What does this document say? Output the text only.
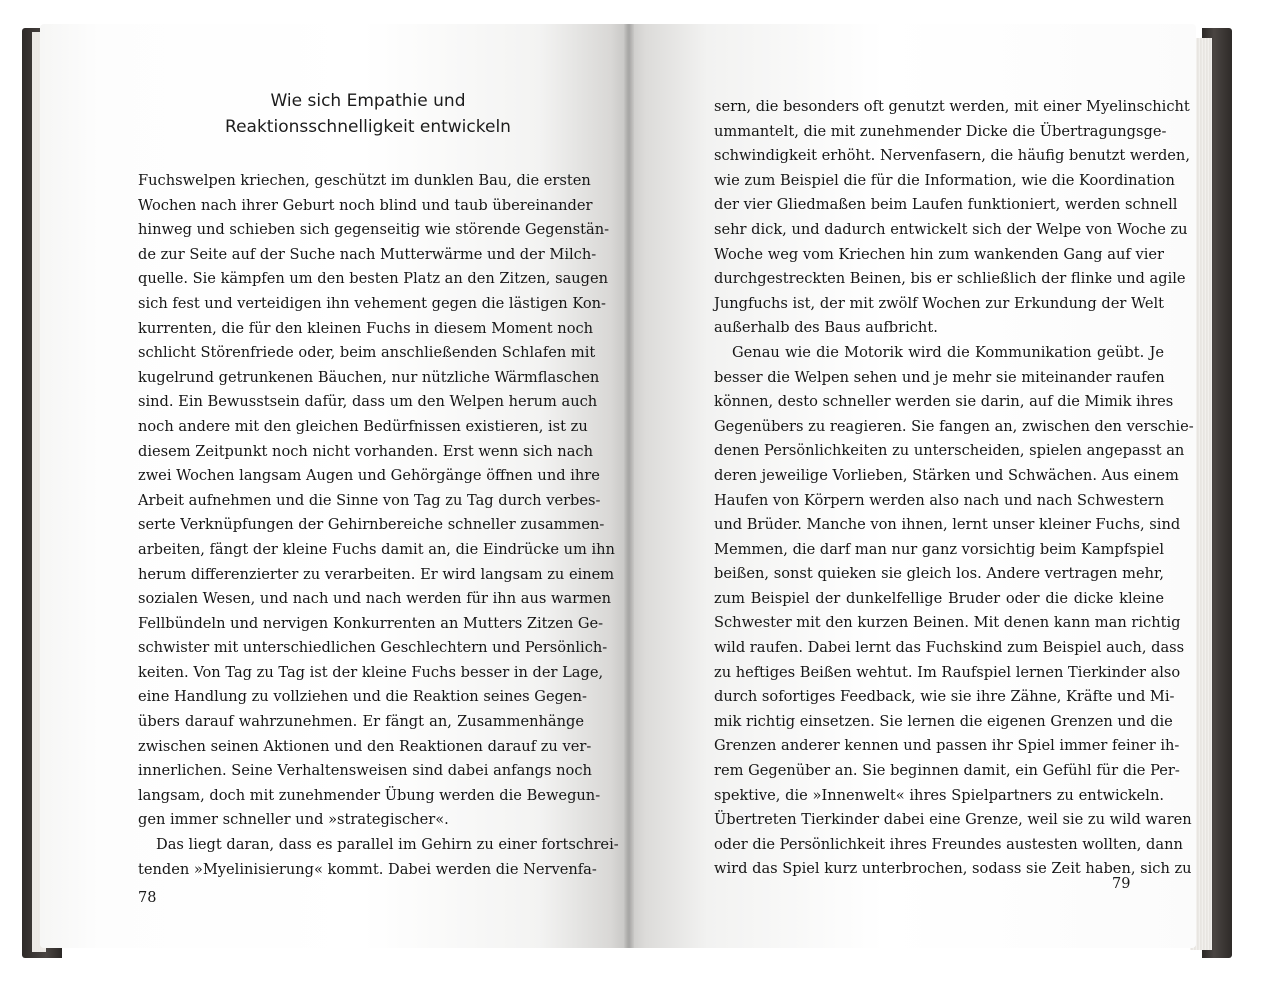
Wie sich Empathie und
Reaktionsschnelligkeit entwickeln
Fuchswelpen kriechen, geschützt im dunklen Bau, die ersten
Wochen nach ihrer Geburt noch blind und taub übereinander
hinweg und schieben sich gegenseitig wie störende Gegenstän-
de zur Seite auf der Suche nach Mutterwärme und der Milch-
quelle. Sie kämpfen um den besten Platz an den Zitzen, saugen
sich fest und verteidigen ihn vehement gegen die lästigen Kon-
kurrenten, die für den kleinen Fuchs in diesem Moment noch
schlicht Störenfriede oder, beim anschließenden Schlafen mit
kugelrund getrunkenen Bäuchen, nur nützliche Wärmflaschen
sind. Ein Bewusstsein dafür, dass um den Welpen herum auch
noch andere mit den gleichen Bedürfnissen existieren, ist zu
diesem Zeitpunkt noch nicht vorhanden. Erst wenn sich nach
zwei Wochen langsam Augen und Gehörgänge öffnen und ihre
Arbeit aufnehmen und die Sinne von Tag zu Tag durch verbes-
serte Verknüpfungen der Gehirnbereiche schneller zusammen-
arbeiten, fängt der kleine Fuchs damit an, die Eindrücke um ihn
herum differenzierter zu verarbeiten. Er wird langsam zu einem
sozialen Wesen, und nach und nach werden für ihn aus warmen
Fellbündeln und nervigen Konkurrenten an Mutters Zitzen Ge-
schwister mit unterschiedlichen Geschlechtern und Persönlich-
keiten. Von Tag zu Tag ist der kleine Fuchs besser in der Lage,
eine Handlung zu vollziehen und die Reaktion seines Gegen-
übers darauf wahrzunehmen. Er fängt an, Zusammenhänge
zwischen seinen Aktionen und den Reaktionen darauf zu ver-
innerlichen. Seine Verhaltensweisen sind dabei anfangs noch
langsam, doch mit zunehmender Übung werden die Bewegun-
gen immer schneller und »strategischer«.
Das liegt daran, dass es parallel im Gehirn zu einer fortschrei-
tenden »Myelinisierung« kommt. Dabei werden die Nervenfa-

78

sern, die besonders oft genutzt werden, mit einer Myelinschicht
ummantelt, die mit zunehmender Dicke die Übertragungsge-
schwindigkeit erhöht. Nervenfasern, die häufig benutzt werden,
wie zum Beispiel die für die Information, wie die Koordination
der vier Gliedmaßen beim Laufen funktioniert, werden schnell
sehr dick, und dadurch entwickelt sich der Welpe von Woche zu
Woche weg vom Kriechen hin zum wankenden Gang auf vier
durchgestreckten Beinen, bis er schließlich der flinke und agile
Jungfuchs ist, der mit zwölf Wochen zur Erkundung der Welt
außerhalb des Baus aufbricht.
Genau wie die Motorik wird die Kommunikation geübt. Je
besser die Welpen sehen und je mehr sie miteinander raufen
können, desto schneller werden sie darin, auf die Mimik ihres
Gegenübers zu reagieren. Sie fangen an, zwischen den verschie-
denen Persönlichkeiten zu unterscheiden, spielen angepasst an
deren jeweilige Vorlieben, Stärken und Schwächen. Aus einem
Haufen von Körpern werden also nach und nach Schwestern
und Brüder. Manche von ihnen, lernt unser kleiner Fuchs, sind
Memmen, die darf man nur ganz vorsichtig beim Kampfspiel
beißen, sonst quieken sie gleich los. Andere vertragen mehr,
zum Beispiel der dunkelfellige Bruder oder die dicke kleine
Schwester mit den kurzen Beinen. Mit denen kann man richtig
wild raufen. Dabei lernt das Fuchskind zum Beispiel auch, dass
zu heftiges Beißen wehtut. Im Raufspiel lernen Tierkinder also
durch sofortiges Feedback, wie sie ihre Zähne, Kräfte und Mi-
mik richtig einsetzen. Sie lernen die eigenen Grenzen und die
Grenzen anderer kennen und passen ihr Spiel immer feiner ih-
rem Gegenüber an. Sie beginnen damit, ein Gefühl für die Per-
spektive, die »Innenwelt« ihres Spielpartners zu entwickeln.
Übertreten Tierkinder dabei eine Grenze, weil sie zu wild waren
oder die Persönlichkeit ihres Freundes austesten wollten, dann
wird das Spiel kurz unterbrochen, sodass sie Zeit haben, sich zu

79
